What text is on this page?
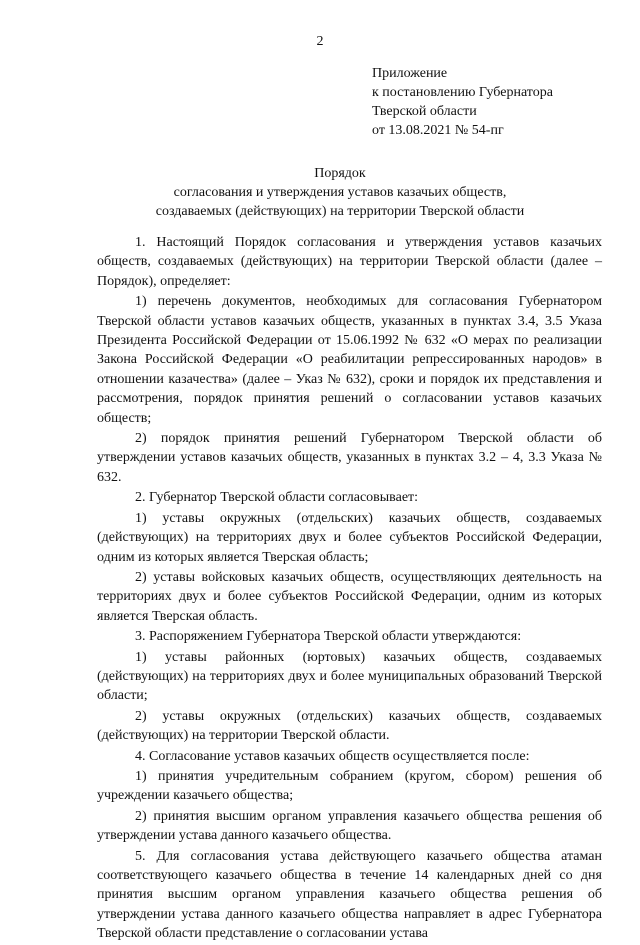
2
Приложение
к постановлению Губернатора
Тверской области
от 13.08.2021 № 54-пг
Порядок
согласования и утверждения уставов казачьих обществ,
создаваемых (действующих) на территории Тверской области

1. Настоящий Порядок согласования и утверждения уставов казачьих обществ, создаваемых (действующих) на территории Тверской области (далее – Порядок), определяет:

1) перечень документов, необходимых для согласования Губернатором Тверской области уставов казачьих обществ, указанных в пунктах 3.4, 3.5 Указа Президента Российской Федерации от 15.06.1992 № 632 «О мерах по реализации Закона Российской Федерации «О реабилитации репрессированных народов» в отношении казачества» (далее – Указ № 632), сроки и порядок их представления и рассмотрения, порядок принятия решений о согласовании уставов казачьих обществ;

2) порядок принятия решений Губернатором Тверской области об утверждении уставов казачьих обществ, указанных в пунктах 3.2 – 4, 3.3 Указа № 632.

2. Губернатор Тверской области согласовывает:

1) уставы окружных (отдельских) казачьих обществ, создаваемых (действующих) на территориях двух и более субъектов Российской Федерации, одним из которых является Тверская область;

2) уставы войсковых казачьих обществ, осуществляющих деятельность на территориях двух и более субъектов Российской Федерации, одним из которых является Тверская область.

3. Распоряжением Губернатора Тверской области утверждаются:

1) уставы районных (юртовых) казачьих обществ, создаваемых (действующих) на территориях двух и более муниципальных образований Тверской области;

2) уставы окружных (отдельских) казачьих обществ, создаваемых (действующих) на территории Тверской области.

4. Согласование уставов казачьих обществ осуществляется после:

1) принятия учредительным собранием (кругом, сбором) решения об учреждении казачьего общества;

2) принятия высшим органом управления казачьего общества решения об утверждении устава данного казачьего общества.

5. Для согласования устава действующего казачьего общества атаман соответствующего казачьего общества в течение 14 календарных дней со дня принятия высшим органом управления казачьего общества решения об утверждении устава данного казачьего общества направляет в адрес Губернатора Тверской области представление о согласовании устава
